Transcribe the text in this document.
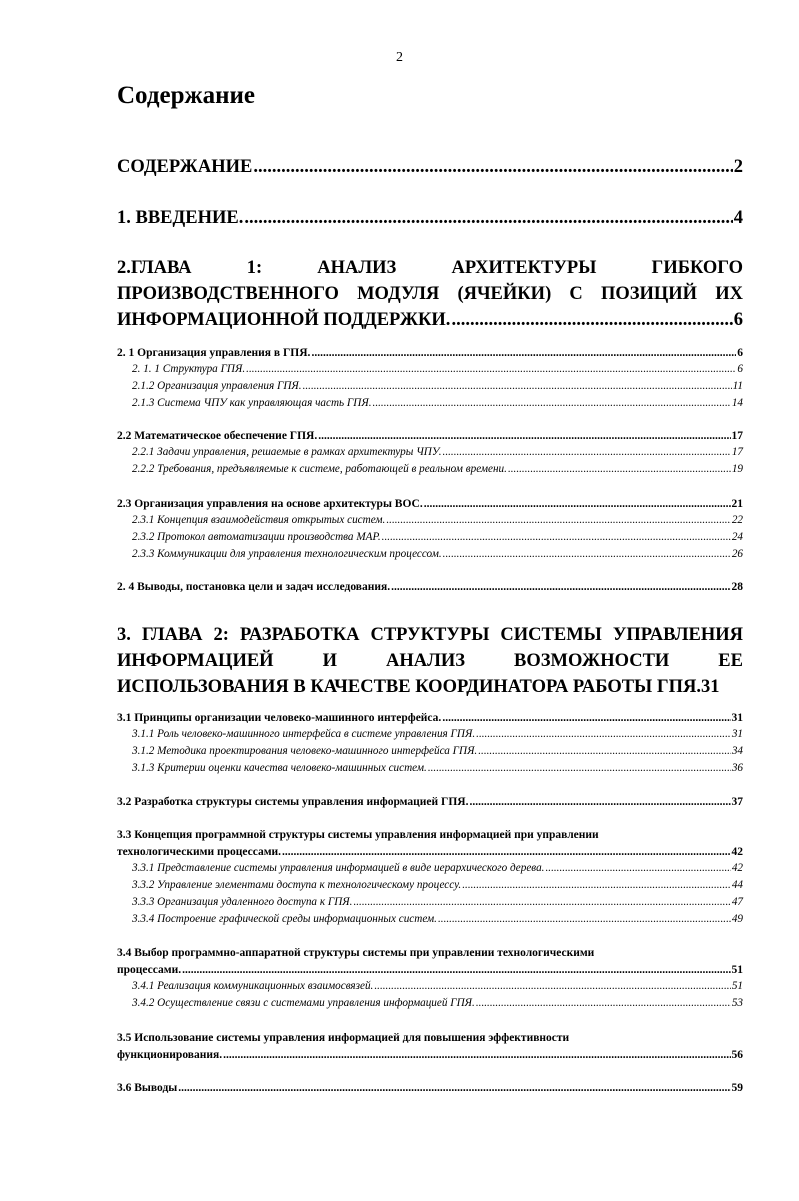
2
Содержание
СОДЕРЖАНИЕ .....	2
1. ВВЕДЕНИЕ. .....	4
2.ГЛАВА 1: АНАЛИЗ АРХИТЕКТУРЫ ГИБКОГО
ПРОИЗВОДСТВЕННОГО МОДУЛЯ (ЯЧЕЙКИ) С ПОЗИЦИЙ ИХ
ИНФОРМАЦИОННОЙ ПОДДЕРЖКИ. .....	6
2. 1 Организация управления в ГПЯ. .....	6
2. 1. 1 Структура ГПЯ. .....	6
2.1.2 Организация управления ГПЯ. .....	11
2.1.3 Система ЧПУ как управляющая часть ГПЯ. .....	14
2.2 Математическое обеспечение ГПЯ. .....	17
2.2.1 Задачи управления, решаемые в рамках архитектуры ЧПУ. .....	17
2.2.2 Требования, предъявляемые к системе, работающей в реальном времени. .....	19
2.3 Организация управления на основе архитектуры ВОС. .....	21
2.3.1 Концепция взаимодействия открытых систем. .....	22
2.3.2 Протокол автоматизации производства MAP. .....	24
2.3.3 Коммуникации для управления технологическим процессом. .....	26
2. 4 Выводы, постановка цели и задач исследования. .....	28
3. ГЛАВА 2: РАЗРАБОТКА СТРУКТУРЫ СИСТЕМЫ УПРАВЛЕНИЯ
ИНФОРМАЦИЕЙ И АНАЛИЗ ВОЗМОЖНОСТИ ЕЕ
ИСПОЛЬЗОВАНИЯ В КАЧЕСТВЕ КООРДИНАТОРА РАБОТЫ ГПЯ. 31
3.1 Принципы организации человеко-машинного интерфейса. .....	31
3.1.1 Роль человеко-машинного интерфейса в системе управления ГПЯ. .....	31
3.1.2 Методика проектирования человеко-машинного интерфейса ГПЯ. .....	34
3.1.3 Критерии оценки качества человеко-машинных систем. .....	36
3.2 Разработка структуры системы управления информацией ГПЯ. .....	37
3.3 Концепция программной структуры системы управления информацией при управлении
технологическими процессами. .....	42
3.3.1 Представление системы управления информацией в виде иерархического дерева. .....	42
3.3.2 Управление элементами доступа к технологическому процессу. .....	44
3.3.3 Организация удаленного доступа к ГПЯ. .....	47
3.3.4 Построение графической среды информационных систем. .....	49
3.4 Выбор программно-аппаратной структуры системы при управлении технологическими
процессами. .....	51
3.4.1 Реализация коммуникационных взаимосвязей. .....	51
3.4.2 Осуществление связи с системами управления информацией ГПЯ. .....	53
3.5 Использование системы управления информацией для повышения эффективности
функционирования. .....	56
3.6 Выводы .....	59
